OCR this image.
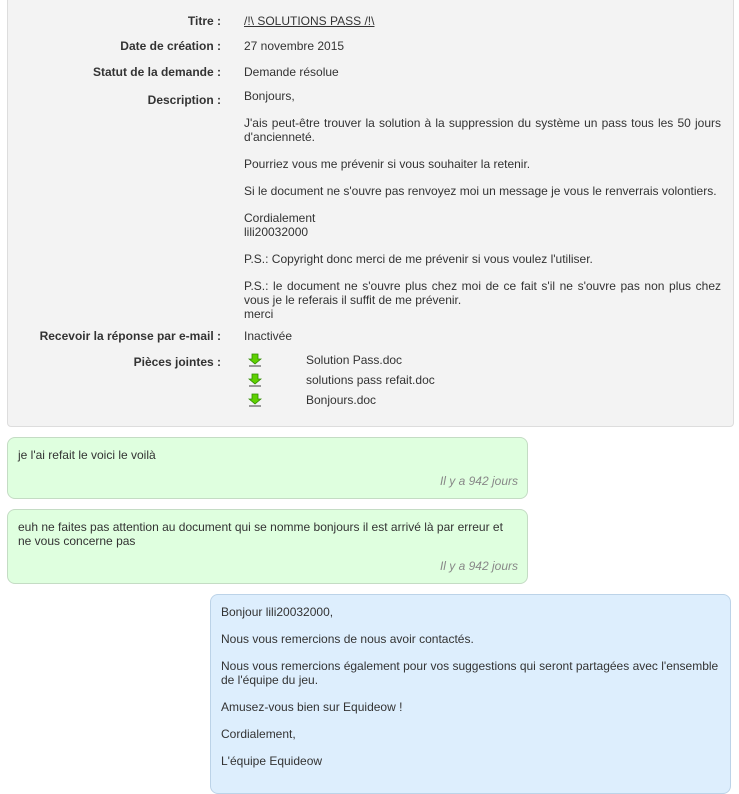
Titre : /!\ SOLUTIONS PASS /!\
Date de création : 27 novembre 2015
Statut de la demande : Demande résolue
Description : Bonjours,

J'ais peut-être trouver la solution à la suppression du système un pass tous les 50 jours d'ancienneté.

Pourriez vous me prévenir si vous souhaiter la retenir.

Si le document ne s'ouvre pas renvoyez moi un message je vous le renverrais volontiers.

Cordialement
lili20032000

P.S.: Copyright donc merci de me prévenir si vous voulez l'utiliser.

P.S.: le document ne s'ouvre plus chez moi de ce fait s'il ne s'ouvre pas non plus chez vous je le referais il suffit de me prévenir.
merci

Recevoir la réponse par e-mail : Inactivée
Pièces jointes :	Solution Pass.doc
solutions pass refait.doc
Bonjours.doc
je l'ai refait le voici le voilà
Il y a 942 jours
euh ne faites pas attention au document qui se nomme bonjours il est arrivé là par erreur et ne vous concerne pas
Il y a 942 jours

Bonjour lili20032000,

Nous vous remercions de nous avoir contactés.

Nous vous remercions également pour vos suggestions qui seront partagées avec l'ensemble de l'équipe du jeu.

Amusez-vous bien sur Equideow !

Cordialement,

L'équipe Equideow
